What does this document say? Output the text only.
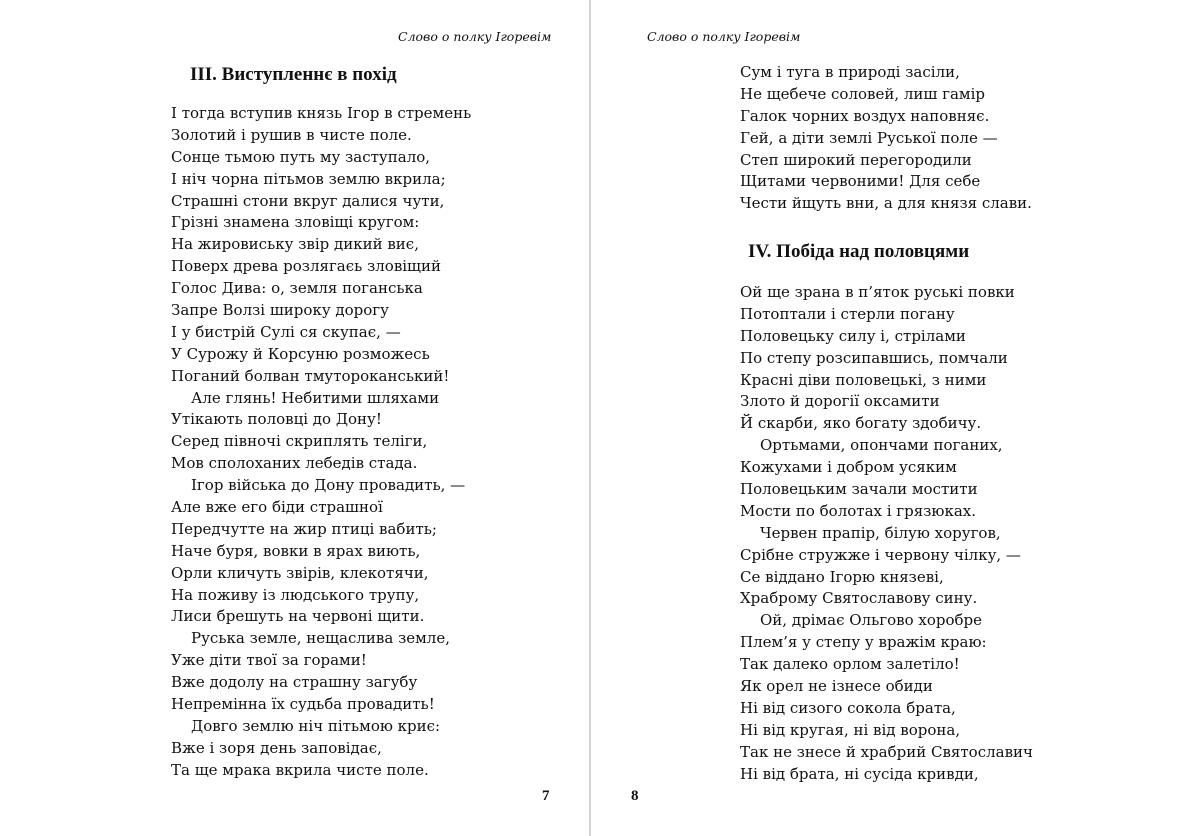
Слово о полку Ігоревім
III. Виступленнє в похід
I тогда вступив князь Ігор в стремень
Золотий і рушив в чисте поле.
Сонце тьмою путь му заступало,
I ніч чорна пітьмов землю вкрила;
Страшні стони вкруг далися чути,
Грізні знамена зловіщі кругом:
На жировиську звір дикий виє,
Поверх древа розлягаєь зловіщий
Голос Дива: о, земля поганська
Запре Волзі широку дорогу
I у бистрій Сулі ся скупає, —
У Сурожу й Корсуню розможесь
Поганий болван тмутороканський!
Але глянь! Небитими шляхами
Утікають половці до Дону!
Серед півночі скриплять теліги,
Мов сполоханих лебедів стада.
Ігор війська до Дону провадить, —
Але вже его біди страшної
Передчутте на жир птиці вабить;
Наче буря, вовки в ярах виють,
Орли кличуть звірів, клекотячи,
На поживу із людського трупу,
Лиси брешуть на червоні щити.
Руська земле, нещаслива земле,
Уже діти твої за горами!
Вже додолу на страшну загубу
Непремінна їх судьба провадить!
Довго землю ніч пітьмою криє:
Вже і зоря день заповідає,
Та ще мрака вкрила чисте поле.
7
Слово о полку Ігоревім
Сум і туга в природі засіли,
Не щебече соловей, лиш гамір
Галок чорних воздух наповняє.
Гей, а діти землі Руської поле —
Степ широкий перегородили
Щитами червоними! Для себе
Чести йщуть вни, а для князя слави.
IV. Побіда над половцями
Ой ще зрана в п’яток руські повки
Потоптали і стерли погану
Половецьку силу і, стрілами
По степу розсипавшись, помчали
Красні діви половецькі, з ними
Злото й дорогії оксамити
Й скарби, яко богату здобичу.
Ортьмами, опончами поганих,
Кожухами і добром усяким
Половецьким зачали мостити
Мости по болотах і грязюках.
Червен прапір, білую хоругов,
Срібне стружже і червону чілку, —
Се віддано Ігорю князеві,
Храброму Святославову сину.
Ой, дрімає Ольгово хоробре
Плем’я у степу у вражім краю:
Так далеко орлом залетіло!
Як орел не ізнесе обиди
Ні від сизого сокола брата,
Ні від кругая, ні від ворона,
Так не знесе й храбрий Святославич
Ні від брата, ні сусіда кривди,
8
